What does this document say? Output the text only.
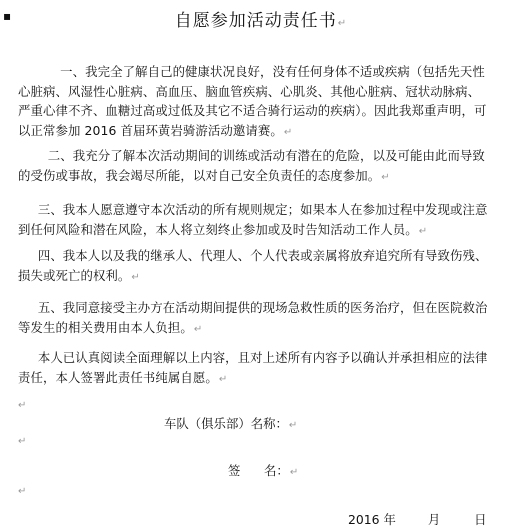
▪	自愿参加活动责任书↵
一、我完全了解自己的健康状况良好，没有任何身体不适或疾病（包括先天性心脏病、风湿性心脏病、高血压、脑血管疾病、心肌炎、其他心脏病、冠状动脉病、严重心律不齐、血糖过高或过低及其它不适合骑行运动的疾病）。因此我郑重声明，可以正常参加 2016 首届环黄岩骑游活动邀请赛。↵
二、我充分了解本次活动期间的训练或活动有潜在的危险，以及可能由此而导致的受伤或事故，我会竭尽所能，以对自己安全负责任的态度参加。↵
三、我本人愿意遵守本次活动的所有规则规定；如果本人在参加过程中发现或注意到任何风险和潜在风险，本人将立刻终止参加或及时告知活动工作人员。↵
四、我本人以及我的继承人、代理人、个人代表或亲属将放弃追究所有导致伤残、损失或死亡的权利。↵
五、我同意接受主办方在活动期间提供的现场急救性质的医务治疗，但在医院救治等发生的相关费用由本人负担。↵
本人已认真阅读全面理解以上内容，且对上述所有内容予以确认并承担相应的法律责任，本人签署此责任书纯属自愿。↵
↵
车队（俱乐部）名称：↵
↵
签      名：↵
↵
2016 年	月	日
